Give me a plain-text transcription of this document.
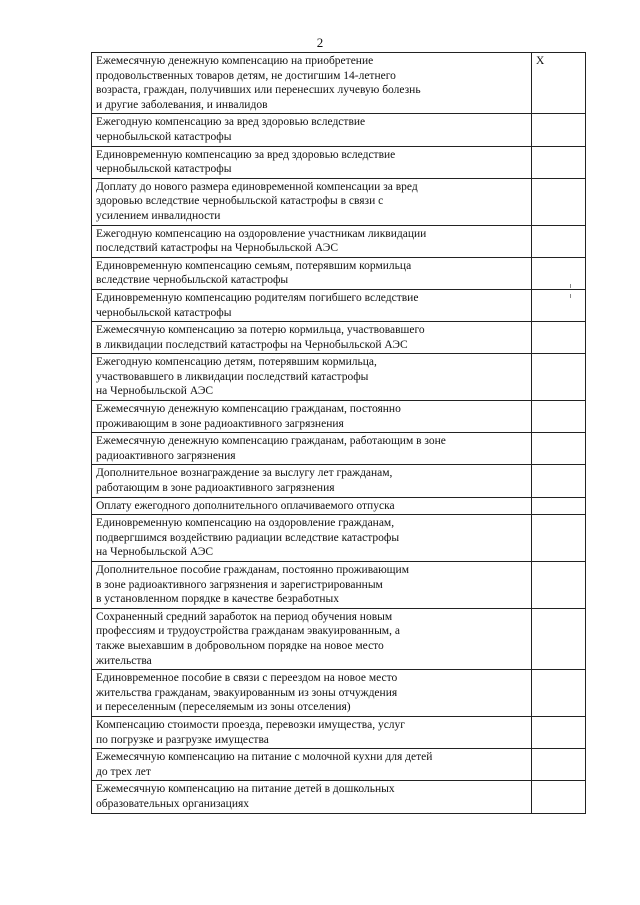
2
Ежемесячную денежную компенсацию на приобретение
продовольственных товаров детям, не достигшим 14-летнего
возраста, граждан, получивших или перенесших лучевую болезнь
и другие заболевания, и инвалидов	X

Ежегодную компенсацию за вред здоровью вследствие
чернобыльской катастрофы	

Единовременную компенсацию за вред здоровью вследствие
чернобыльской катастрофы	

Доплату до нового размера единовременной компенсации за вред
здоровью вследствие чернобыльской катастрофы в связи с
усилением инвалидности	

Ежегодную компенсацию на оздоровление участникам ликвидации
последствий катастрофы на Чернобыльской АЭС	

Единовременную компенсацию семьям, потерявшим кормильца
вследствие чернобыльской катастрофы	

Единовременную компенсацию родителям погибшего вследствие
чернобыльской катастрофы	

Ежемесячную компенсацию за потерю кормильца, участвовавшего
в ликвидации последствий катастрофы на Чернобыльской АЭС	

Ежегодную компенсацию детям, потерявшим кормильца,
участвовавшего в ликвидации последствий катастрофы
на Чернобыльской АЭС	

Ежемесячную денежную компенсацию гражданам, постоянно
проживающим в зоне радиоактивного загрязнения	

Ежемесячную денежную компенсацию гражданам, работающим в зоне
радиоактивного загрязнения	

Дополнительное вознаграждение за выслугу лет гражданам,
работающим в зоне радиоактивного загрязнения	

Оплату ежегодного дополнительного оплачиваемого отпуска	

Единовременную компенсацию на оздоровление гражданам,
подвергшимся воздействию радиации вследствие катастрофы
на Чернобыльской АЭС	

Дополнительное пособие гражданам, постоянно проживающим
в зоне радиоактивного загрязнения и зарегистрированным
в установленном порядке в качестве безработных	

Сохраненный средний заработок на период обучения новым
профессиям и трудоустройства гражданам эвакуированным, а
также выехавшим в добровольном порядке на новое место
жительства	

Единовременное пособие в связи с переездом на новое место
жительства гражданам, эвакуированным из зоны отчуждения
и переселенным (переселяемым из зоны отселения)	

Компенсацию стоимости проезда, перевозки имущества, услуг
по погрузке и разгрузке имущества	

Ежемесячную компенсацию на питание с молочной кухни для детей
до трех лет	

Ежемесячную компенсацию на питание детей в дошкольных
образовательных организациях	
